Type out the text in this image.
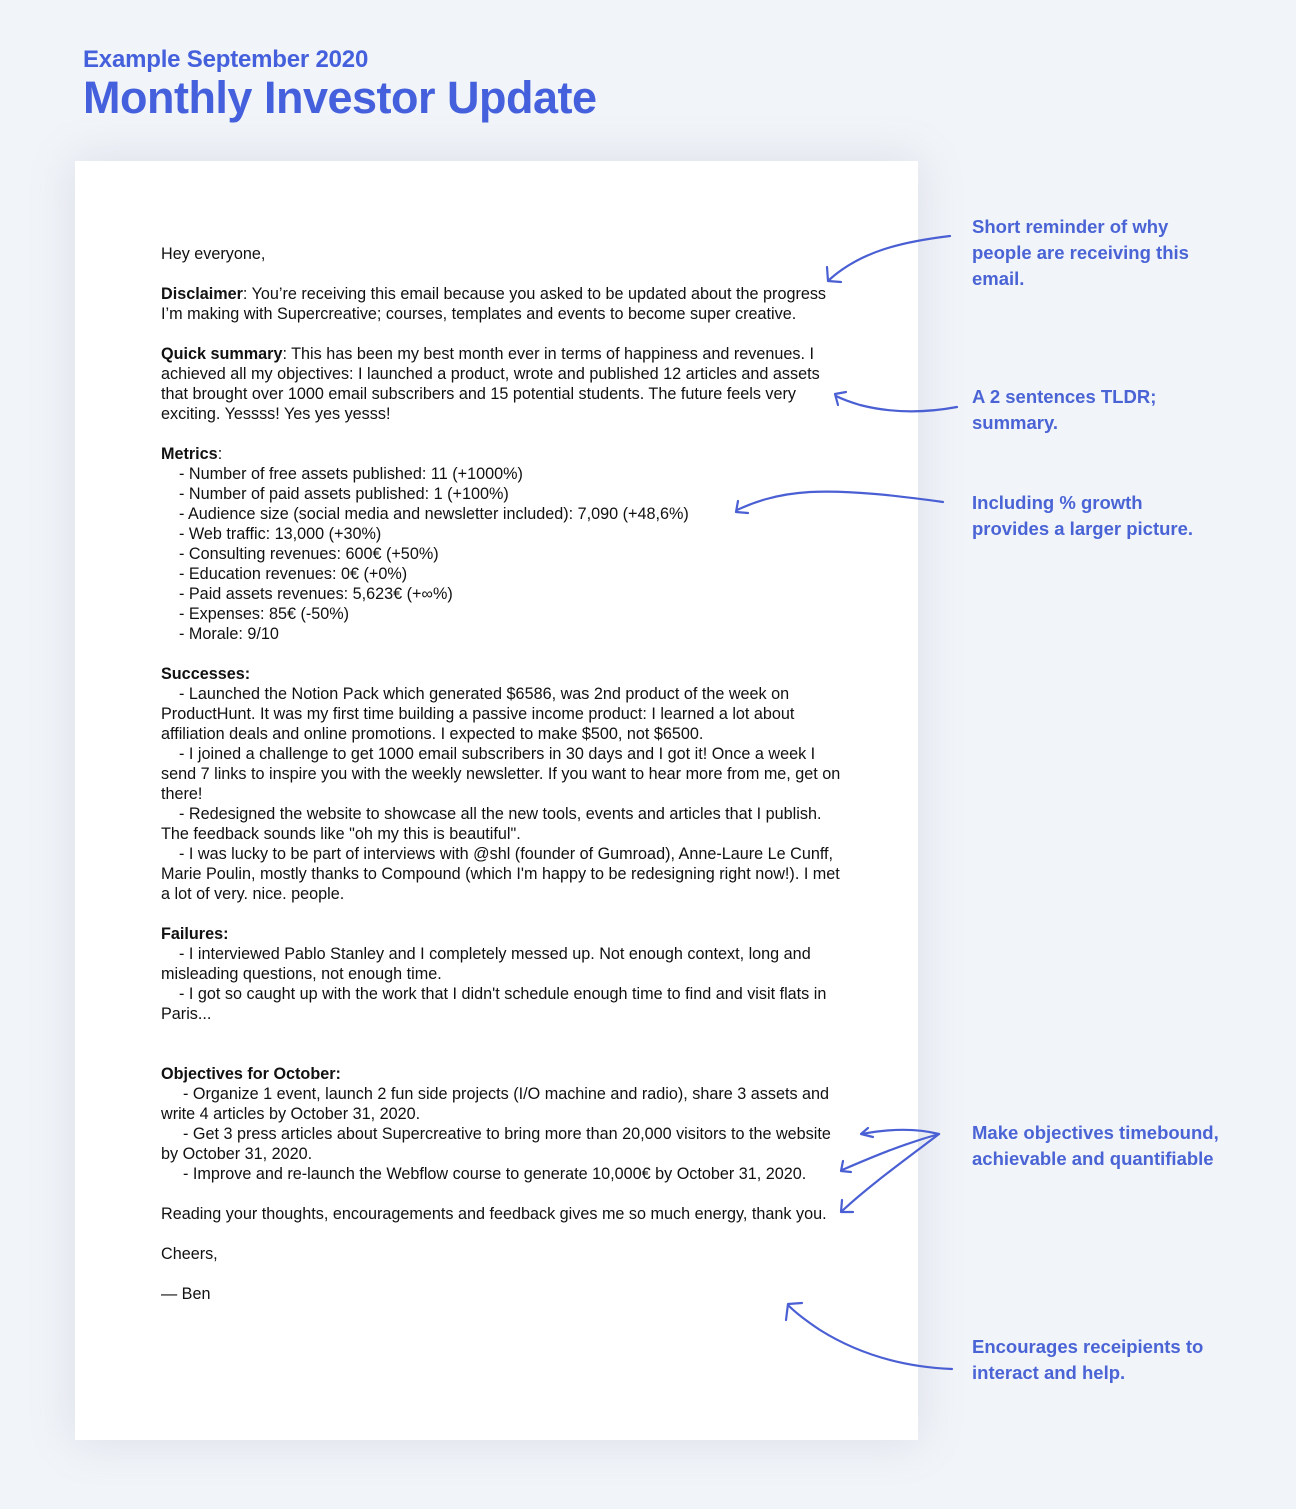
Example September 2020
Monthly Investor Update

Hey everyone,

Disclaimer: You’re receiving this email because you asked to be updated about the progress I’m making with Supercreative; courses, templates and events to become super creative.

Quick summary: This has been my best month ever in terms of happiness and revenues. I achieved all my objectives: I launched a product, wrote and published 12 articles and assets that brought over 1000 email subscribers and 15 potential students. The future feels very exciting. Yessss! Yes yes yesss!

Metrics:

- Number of free assets published: 11 (+1000%)

- Number of paid assets published: 1 (+100%)

- Audience size (social media and newsletter included): 7,090 (+48,6%)

- Web traffic: 13,000 (+30%)

- Consulting revenues: 600€ (+50%)

- Education revenues: 0€ (+0%)

- Paid assets revenues: 5,623€ (+∞%)

- Expenses: 85€ (-50%)

- Morale: 9/10

Successes:

- Launched the Notion Pack which generated $6586, was 2nd product of the week on ProductHunt. It was my first time building a passive income product: I learned a lot about affiliation deals and online promotions. I expected to make $500, not $6500.

- I joined a challenge to get 1000 email subscribers in 30 days and I got it! Once a week I send 7 links to inspire you with the weekly newsletter. If you want to hear more from me, get on there!

- Redesigned the website to showcase all the new tools, events and articles that I publish. The feedback sounds like "oh my this is beautiful".

- I was lucky to be part of interviews with @shl (founder of Gumroad), Anne-Laure Le Cunff, Marie Poulin, mostly thanks to Compound (which I'm happy to be redesigning right now!). I met a lot of very. nice. people.

Failures:

- I interviewed Pablo Stanley and I completely messed up. Not enough context, long and misleading questions, not enough time.

- I got so caught up with the work that I didn't schedule enough time to find and visit flats in Paris...

Objectives for October:

- Organize 1 event, launch 2 fun side projects (I/O machine and radio), share 3 assets and write 4 articles by October 31, 2020.

- Get 3 press articles about Supercreative to bring more than 20,000 visitors to the website by October 31, 2020.

- Improve and re-launch the Webflow course to generate 10,000€ by October 31, 2020.

Reading your thoughts, encouragements and feedback gives me so much energy, thank you.

Cheers,

— Ben

Short reminder of why people are receiving this email.
A 2 sentences TLDR; summary.
Including % growth provides a larger picture.
Make objectives timebound, achievable and quantifiable
Encourages receipients to interact and help.
